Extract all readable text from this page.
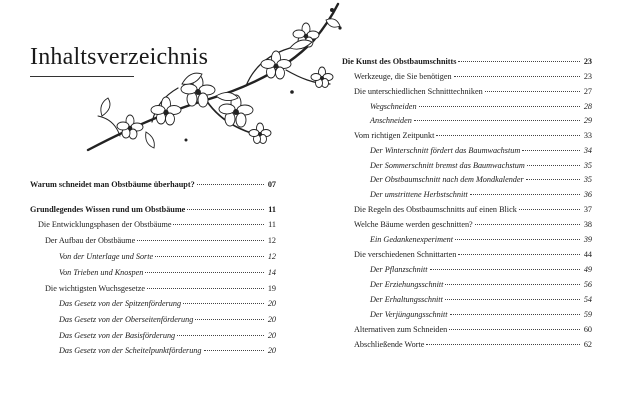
Inhaltsverzeichnis
Warum schneidet man Obstbäume überhaupt?	07
Grundlegendes Wissen rund um Obstbäume	11
Die Entwicklungsphasen der Obstbäume	11
Der Aufbau der Obstbäume	12
Von der Unterlage und Sorte	12
Von Trieben und Knospen	14
Die wichtigsten Wuchsgesetze	19
Das Gesetz von der Spitzenförderung	20
Das Gesetz von der Oberseitenförderung	20
Das Gesetz von der Basisförderung	20
Das Gesetz von der Scheitelpunktförderung	20
Die Kunst des Obstbaumschnitts	23
Werkzeuge, die Sie benötigen	23
Die unterschiedlichen Schnitttechniken	27
Wegschneiden	28
Anschneiden	29
Vom richtigen Zeitpunkt	33
Der Winterschnitt fördert das Baumwachstum	34
Der Sommerschnitt bremst das Baumwachstum	35
Der Obstbaumschnitt nach dem Mondkalender	35
Der umstrittene Herbstschnitt	36
Die Regeln des Obstbaumschnitts auf einen Blick	37
Welche Bäume werden geschnitten?	38
Ein Gedankenexperiment	39
Die verschiedenen Schnittarten	44
Der Pflanzschnitt	49
Der Erziehungsschnitt	56
Der Erhaltungsschnitt	54
Der Verjüngungsschnitt	59
Alternativen zum Schneiden	60
Abschließende Worte	62
